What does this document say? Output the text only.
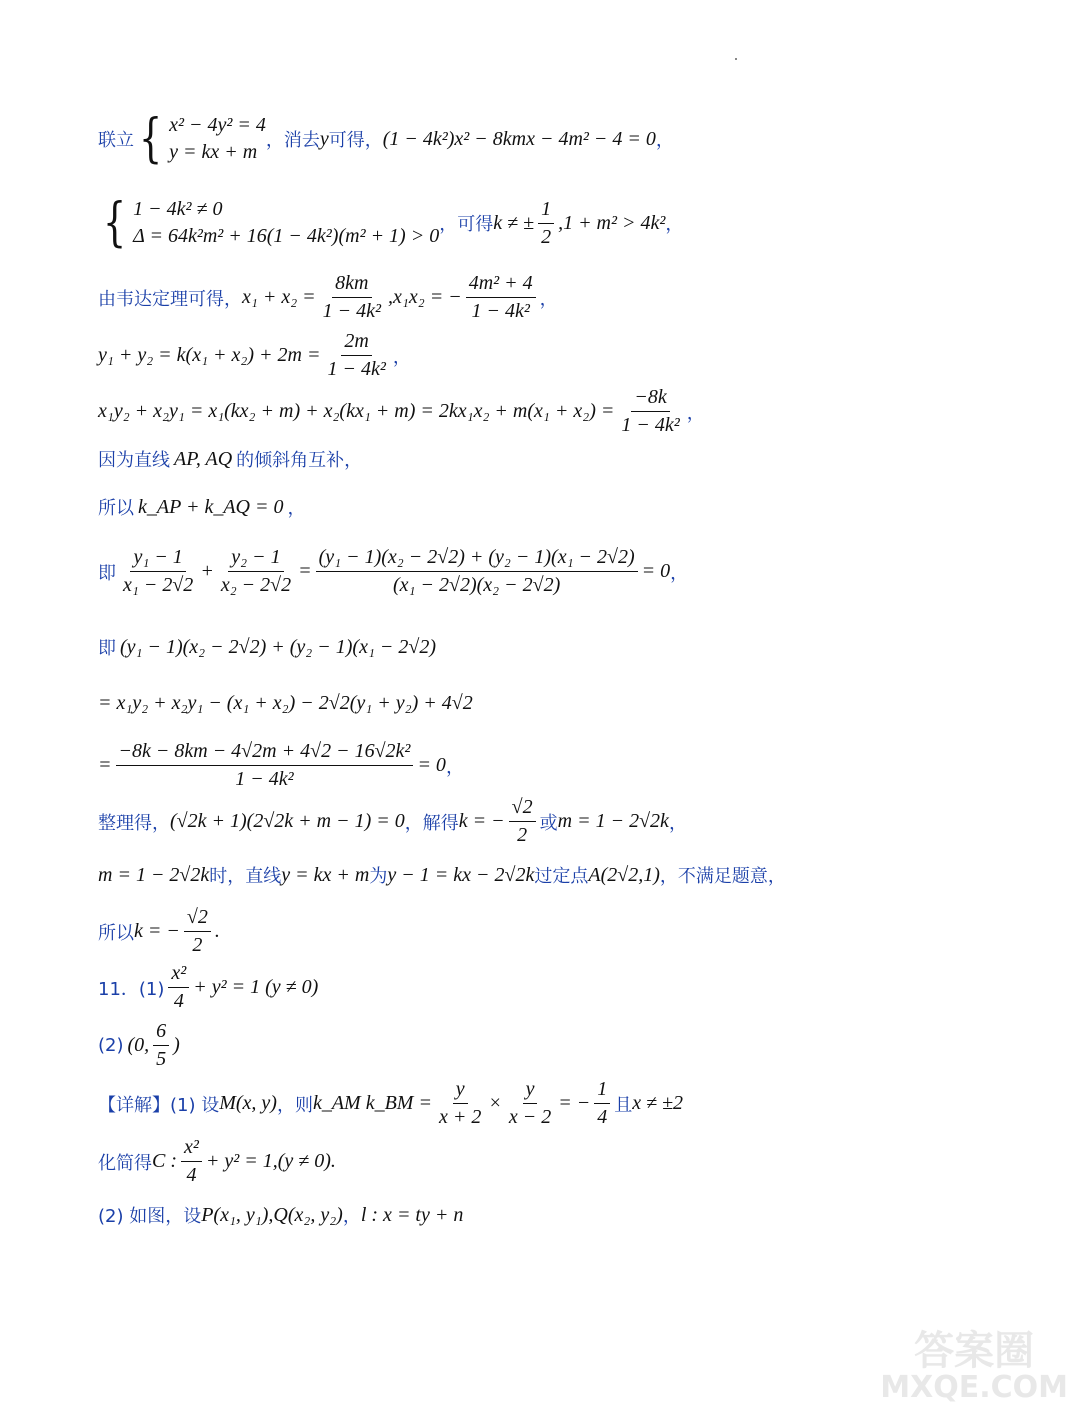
联立 { x² − 4y² = 4
y = kx + m
，消去 y 可得， (1 − 4k²)x² − 8kmx − 4m² − 4 = 0 ，
{ 1 − 4k² ≠ 0
Δ = 64k²m² + 16(1 − 4k²)(m² + 1) > 0
，可得 k ≠ ± $\frac{1}{2} ,1 + m^2 > 4k^2$ ，
由韦达定理可得， $x_1 + x_2 = \frac{8km}{\text{1 − 4k²}} ,x_1x_2$ = − $\frac{\text{4m² + 4}}{\text{1 − 4k²}}$ ，
$y_1 + y_2 = k(x_1 + x_2) + 2m = \frac{2m}{\text{1 − 4k²}}$ ，
$x_1y_2 + x_2y_1 = x_1(kx_2 + m) + x_2(kx_1 + m) = 2kx_1x_2 + m(x_1 + x_2) = \frac{-8k}{\text{1 − 4k²}}$ ，
因为直线 AP, AQ 的倾斜角互补，
所以 k_AP + k_AQ = 0 ，
即 $\frac{\text{y₁ − 1}}{\text{x₁ − 2√2}} + \frac{\text{y₂ − 1}}{\text{x₂ − 2√2}} = \frac{\text{(y₁ − 1)(x₂ − 2√2) + (y₂ − 1)(x₁ − 2√2)}}{\text{(x₁ − 2√2)(x₂ − 2√2)}} = 0$ ，
即 (y₁ − 1)(x₂ − 2√2) + (y₂ − 1)(x₁ − 2√2)
= x₁y₂ + x₂y₁ − (x₁ + x₂) − 2√2(y₁ + y₂) + 4√2
= $\frac{\text{−8k − 8km − 4√2m + 4√2 − 16√2k²}}{\text{1 − 4k²}} = 0$ ，
整理得， (√2k + 1)(2√2k + m − 1) = 0 ，解得 k = − $\frac{√2}{2}$ 或 m = 1 − 2√2k ，
m = 1 − 2√2k 时，直线 y = kx + m 为 y − 1 = kx − 2√2k 过定点 A(2√2,1) ，不满足题意，
所以 k = − $\frac{√2}{2}$ .
11．$(1) \frac{\text{x²}}{4} + y^2 = 1$ (y ≠ 0)
(2) (0, $\frac{6}{5}$ )
【详解】(1) 设 M(x, y) ，则 k_AM k_BM = $\frac{y}{x + 2} \times \frac{y}{x - 2}$ = − $\frac{1}{4}$ 且 x ≠ ±2
化简得 C : $\frac{\text{x²}}{4} + y^2 = 1,(y \ne 0)$.
(2) 如图，设 P(x₁, y₁),Q(x₂, y₂) ， l : x = ty + n
答案圈
MXQE.COM
